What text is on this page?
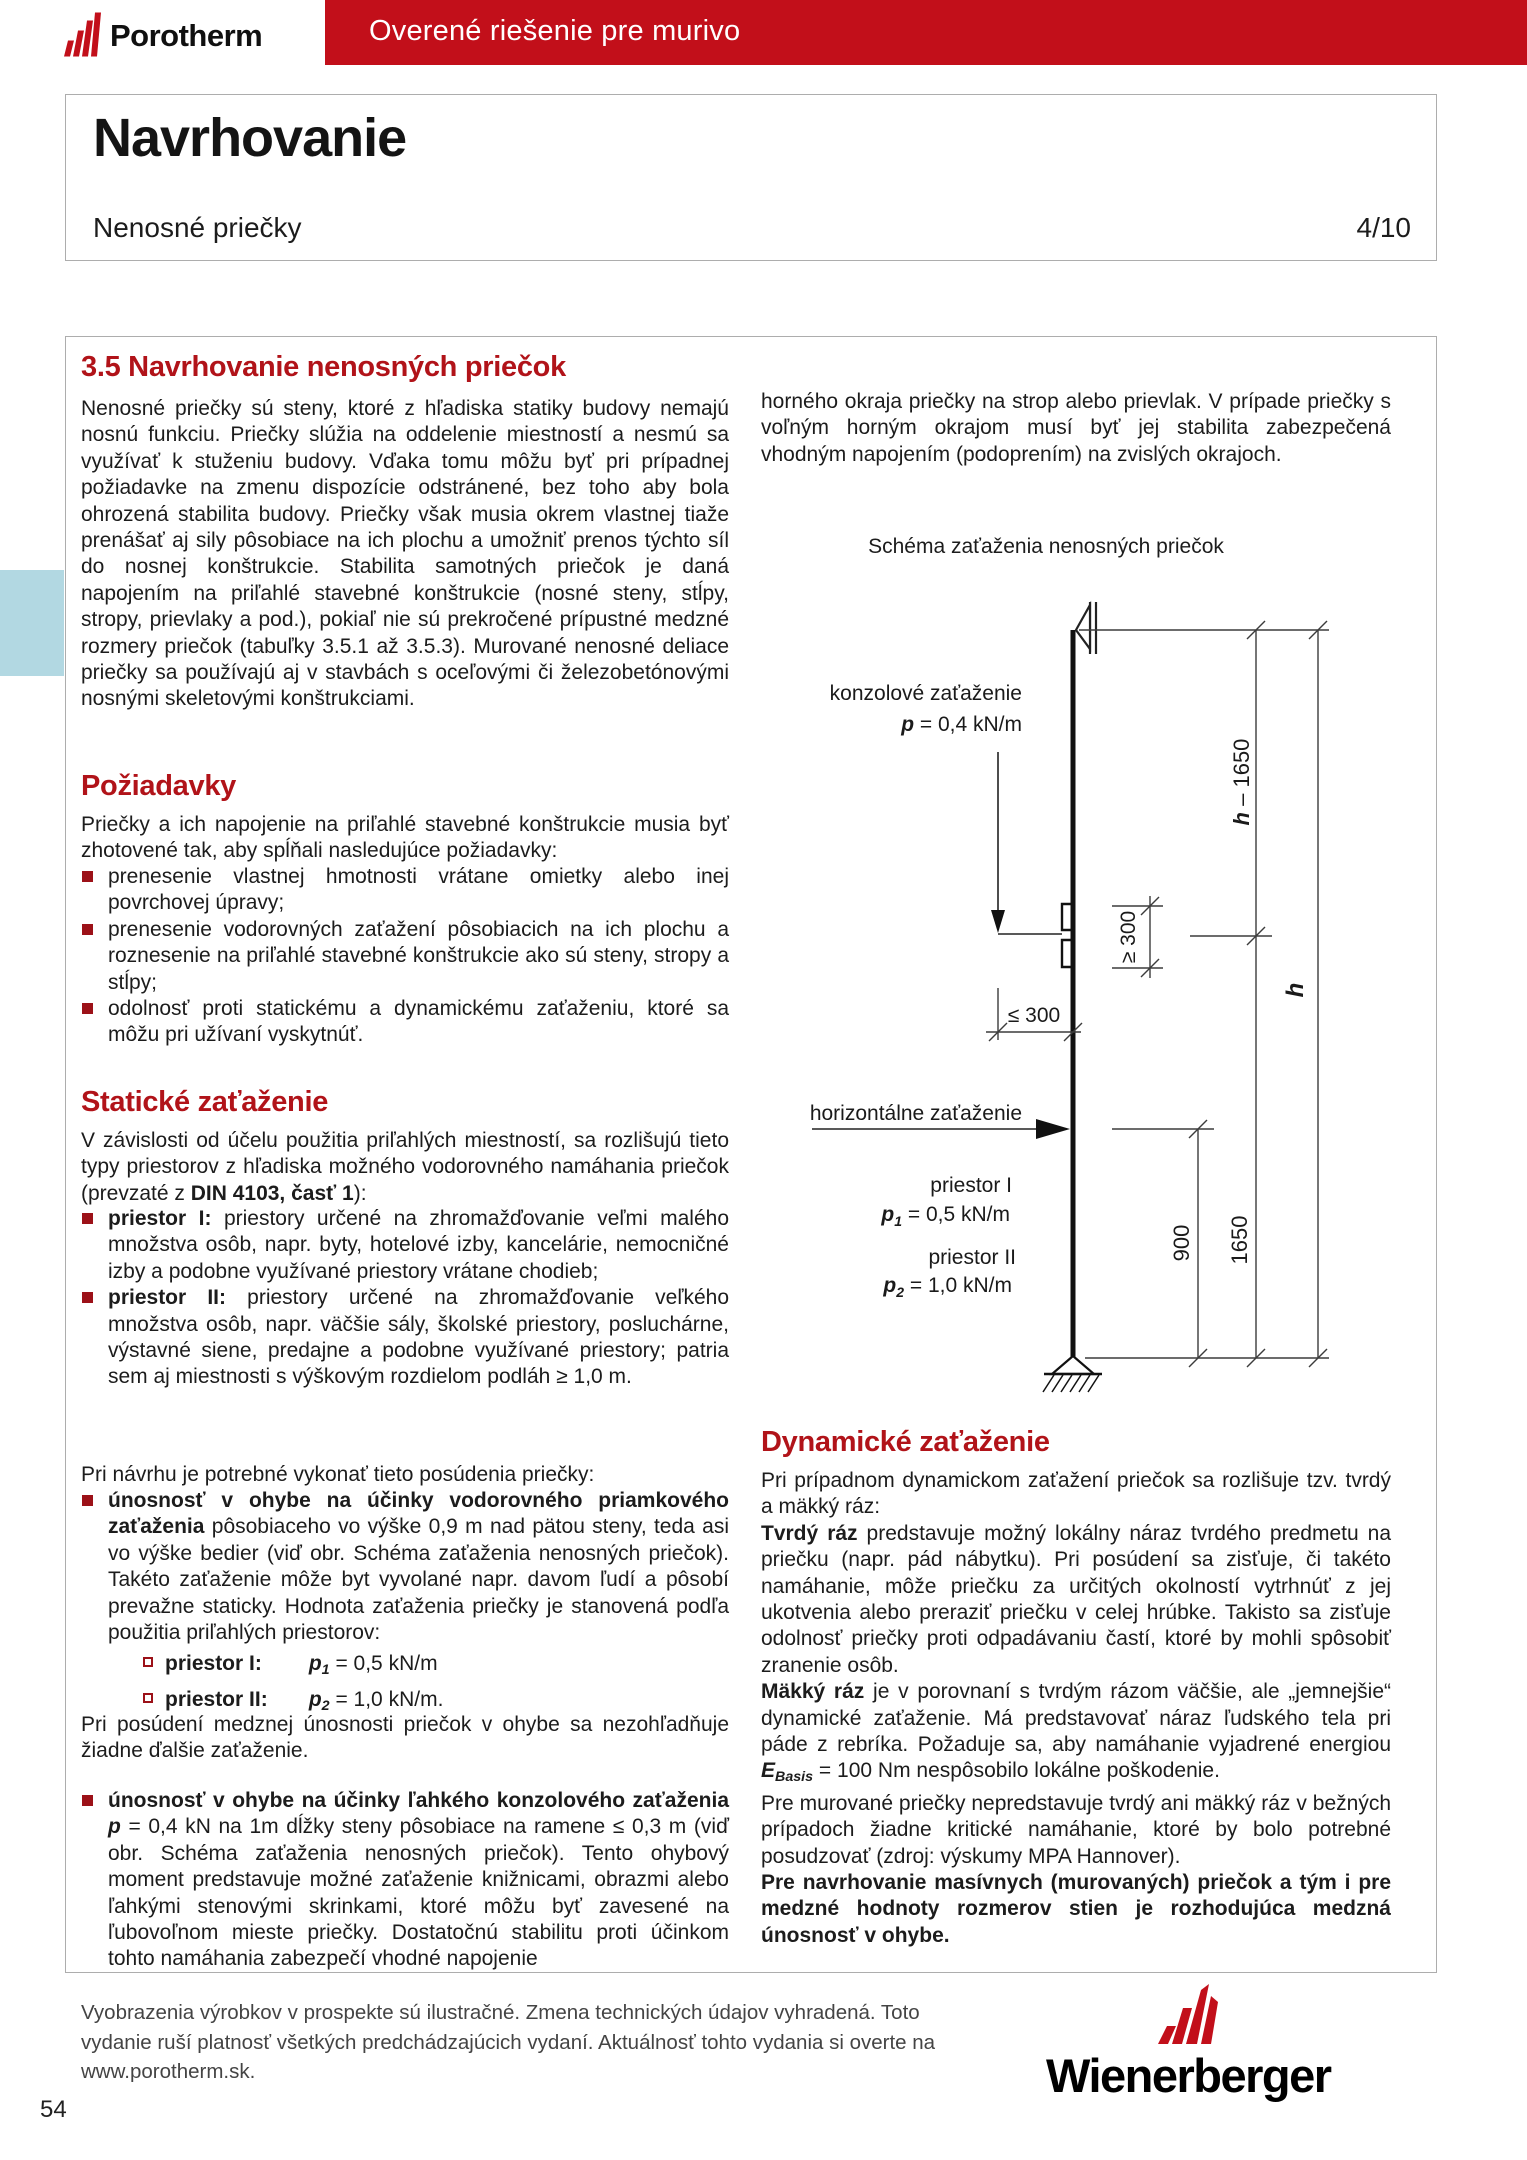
Overené riešenie pre murivo
Porotherm
Navrhovanie
Nenosné priečky	4/10
3.5 Navrhovanie nenosných priečok
Nenosné priečky sú steny, ktoré z hľadiska statiky budovy nemajú nosnú funkciu. Priečky slúžia na oddelenie miestností a nesmú sa využívať k stuženiu budovy. Vďaka tomu môžu byť pri prípadnej požiadavke na zmenu dispozície odstránené, bez toho aby bola ohrozená stabilita budovy. Priečky však musia okrem vlastnej tiaže prenášať aj sily pôsobiace na ich plochu a umožniť prenos týchto síl do nosnej konštrukcie. Stabilita samotných priečok je daná napojením na priľahlé stavebné konštrukcie (nosné steny, stĺpy, stropy, prievlaky a pod.), pokiaľ nie sú prekročené prípustné medzné rozmery priečok (tabuľky 3.5.1 až 3.5.3). Murované nenosné deliace priečky sa používajú aj v stavbách s oceľovými či železobetónovými nosnými skeletovými konštrukciami.
Požiadavky
Priečky a ich napojenie na priľahlé stavebné konštrukcie musia byť zhotovené tak, aby spĺňali nasledujúce požiadavky:
prenesenie vlastnej hmotnosti vrátane omietky alebo inej povrchovej úpravy;
prenesenie vodorovných zaťažení pôsobiacich na ich plochu a roznesenie na priľahlé stavebné konštrukcie ako sú steny, stropy a stĺpy;
odolnosť proti statickému a dynamickému zaťaženiu, ktoré sa môžu pri užívaní vyskytnúť.
Statické zaťaženie
V závislosti od účelu použitia priľahlých miestností, sa rozlišujú tieto typy priestorov z hľadiska možného vodorovného namáhania priečok (prevzaté z DIN 4103, časť 1):
priestor I: priestory určené na zhromažďovanie veľmi malého množstva osôb, napr. byty, hotelové izby, kancelárie, nemocničné izby a podobne využívané priestory vrátane chodieb;
priestor II: priestory určené na zhromažďovanie veľkého množstva osôb, napr. väčšie sály, školské priestory, posluchárne, výstavné siene, predajne a podobne využívané priestory; patria sem aj miestnosti s výškovým rozdielom podláh ≥ 1,0 m.
Pri návrhu je potrebné vykonať tieto posúdenia priečky:
únosnosť v ohybe na účinky vodorovného priamkového zaťaženia pôsobiaceho vo výške 0,9 m nad pätou steny, teda asi vo výške bedier (viď obr. Schéma zaťaženia nenosných priečok). Takéto zaťaženie môže byt vyvolané napr. davom ľudí a pôsobí prevažne staticky. Hodnota zaťaženia priečky je stanovená podľa použitia priľahlých priestorov:
priestor I: $p_1 = 0,5$ kN/m
priestor II: $p_2 = 1,0$ kN/m.
Pri posúdení medznej únosnosti priečok v ohybe sa nezohľadňuje žiadne ďalšie zaťaženie.
únosnosť v ohybe na účinky ľahkého konzolového zaťaženia p = 0,4 kN na 1m dĺžky steny pôsobiace na ramene ≤ 0,3 m (viď obr. Schéma zaťaženia nenosných priečok). Tento ohybový moment predstavuje možné zaťaženie knižnicami, obrazmi alebo ľahkými stenovými skrinkami, ktoré môžu byť zavesené na ľubovoľnom mieste priečky. Dostatočnú stabilitu proti účinkom tohto namáhania zabezpečí vhodné napojenie
horného okraja priečky na strop alebo prievlak. V prípade priečky s voľným horným okrajom musí byť jej stabilita zabezpečená vhodným napojením (podoprením) na zvislých okrajoch.
Schéma zaťaženia nenosných priečok
konzolové zaťaženie
p = 0,4 kN/m
≥ 300
≤ 300
h – 1650
h
900 1650
horizontálne zaťaženie
priestor I
$p_1 = 0,5$ kN/m
priestor II
$p_2 = 1,0$ kN/m
Dynamické zaťaženie

Pri prípadnom dynamickom zaťažení priečok sa rozlišuje tzv. tvrdý a mäkký ráz:

Tvrdý ráz predstavuje možný lokálny náraz tvrdého predmetu na priečku (napr. pád nábytku). Pri posúdení sa zisťuje, či takéto namáhanie, môže priečku za určitých okolností vytrhnúť z jej ukotvenia alebo preraziť priečku v celej hrúbke. Takisto sa zisťuje odolnosť priečky proti odpadávaniu častí, ktoré by mohli spôsobiť zranenie osôb.

Mäkký ráz je v porovnaní s tvrdým rázom väčšie, ale „jemnejšie“ dynamické zaťaženie. Má predstavovať náraz ľudského tela pri páde z rebríka. Požaduje sa, aby namáhanie vyjadrené energiou $E_{Basis} = 100$ Nm nespôsobilo lokálne poškodenie.

Pre murované priečky nepredstavuje tvrdý ani mäkký ráz v bežných prípadoch žiadne kritické namáhanie, ktoré by bolo potrebné posudzovať (zdroj: výskumy MPA Hannover).

Pre navrhovanie masívnych (murovaných) priečok a tým i pre medzné hodnoty rozmerov stien je rozhodujúca medzná únosnosť v ohybe.

Vyobrazenia výrobkov v prospekte sú ilustračné. Zmena technických údajov vyhradená. Toto vydanie ruší platnosť všetkých predchádzajúcich vydaní. Aktuálnosť tohto vydania si overte na www.porotherm.sk.
54
Wienerberger
